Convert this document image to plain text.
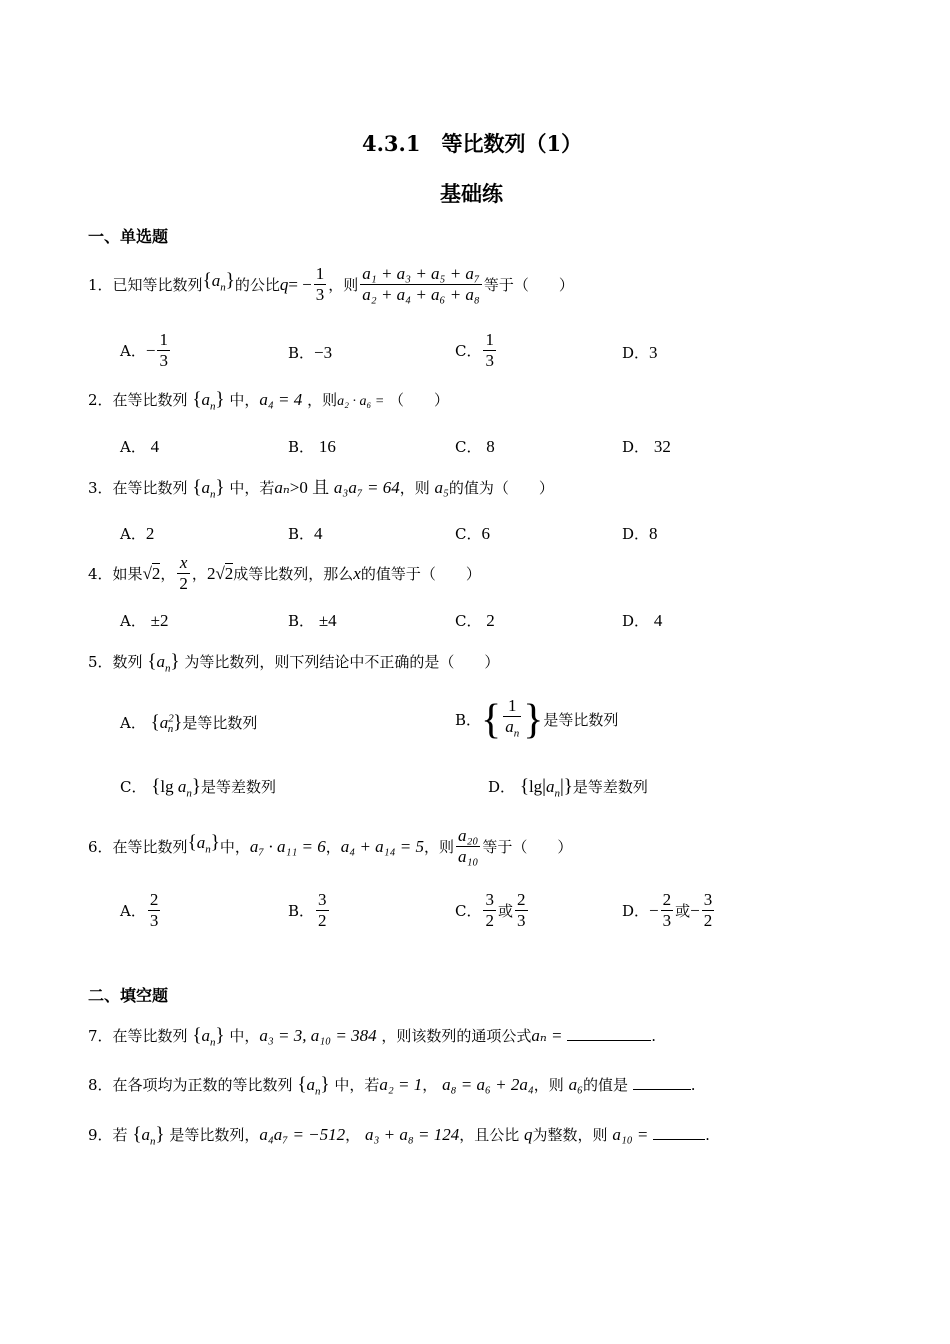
4.3.1　等比数列（1）
基础练
一、单选题
1． 已知等比数列 $\{a_n\}$ 的公比 q = − $\frac{1}{3}$ ，则 $\frac{\text{a₁ + a₃ + a₅ + a₇}}{\text{a₂ + a₄ + a₆ + a₈}}$ 等于（　　）
A． − $\frac{1}{3}$	B．−3	C． $\frac{1}{3}$	D．3
2．在等比数列 $\{a_n\}$ 中，a₄ = 4 ，则a₂ · a₆ = （　　）
A． 4	B． 16	C． 8	D． 32
3．在等比数列 $\{a_n\}$ 中，若aₙ>0 且 a₃a₇ = 64，则 a₅的值为（　　）
A．2	B．4	C．6	D．8
4． 如果 √2 ， $\frac{x}{2}$ ， 2√2 成等比数列，那么 x 的值等于（　　）
A． ±2	B． ±4	C． 2	D． 4
5．数列 $\{a_n\}$ 为等比数列，则下列结论中不正确的是（　　）
A． $\{a^2_n\}$是等比数列	B． { $\frac{1}{a_n}$ } 是等比数列
C． {lg $a_n$}是等差数列	D． $\{\lg|a_n|\}$是等差数列
6． 在等比数列 $\{a_n\}$ 中， a₇ · a₁₁ = 6 ， a₄ + a₁₄ = 5 ，则 $\frac{\text{a₂₀}}{\text{a₁₀}}$ 等于（　　）
A． $\frac{2}{3}$	B． $\frac{3}{2}$	C． $\frac{3}{2}$ 或 $\frac{2}{3}$	D． − $\frac{2}{3}$ 或 − $\frac{3}{2}$
二、填空题
7．在等比数列 $\{a_n\}$ 中，a₃ = 3, a₁₀ = 384 ，则该数列的通项公式aₙ =	.
8．在各项均为正数的等比数列 $\{a_n\}$ 中，若a₂ = 1， a₈ = a₆ + 2a₄，则 a₆的值是	.
9．若 $\{a_n\}$ 是等比数列，a₄a₇ = −512， a₃ + a₈ = 124，且公比 q为整数，则 a₁₀ =	.
